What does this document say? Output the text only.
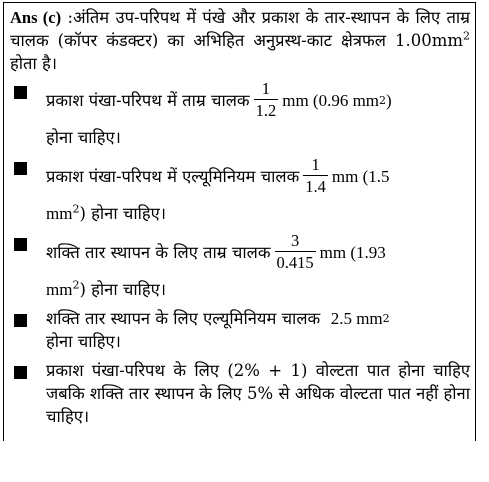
Ans (c) :अंतिम उप-परिपथ में पंखे और प्रकाश के तार-स्थापन के लिए ताम्र चालक (कॉपर कंडक्टर) का अभिहित अनुप्रस्थ-काट क्षेत्रफल $1.00mm^2$ होता है।

प्रकाश पंखा-परिपथ में ताम्र चालक $\frac{1}{1.2}$ mm (0.96 mm 2 )
होना चाहिए।
प्रकाश पंखा-परिपथ में एल्यूमिनियम चालक $\frac{1}{1.4}$ mm (1.5
$mm^2$) होना चाहिए।
शक्ति तार स्थापन के लिए ताम्र चालक $\frac{3}{0.415}$ mm (1.93
$mm^2$) होना चाहिए।
शक्ति तार स्थापन के लिए एल्यूमिनियम चालक
2.5 mm 2
होना चाहिए।
प्रकाश पंखा-परिपथ के लिए (2% + 1) वोल्टता पात होना चाहिए जबकि शक्ति तार स्थापन के लिए 5% से अधिक वोल्टता पात नहीं होना चाहिए।
